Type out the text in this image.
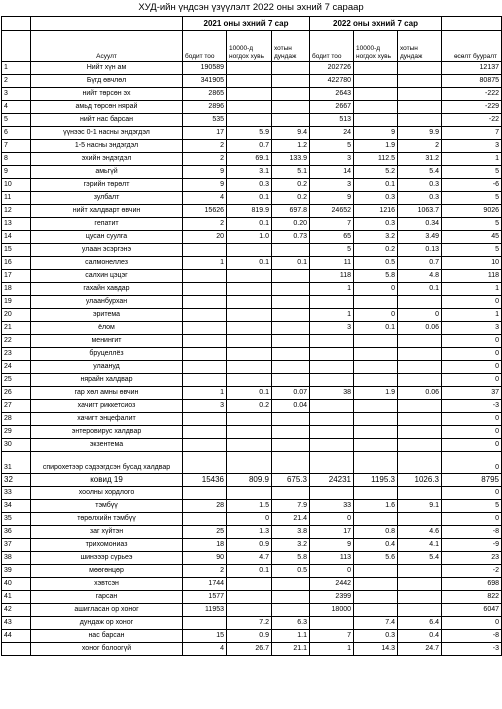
ХУД-ийн үндсэн үзүүлэлт 2022 оны эхний 7 сараар
		2021 оны эхний 7 сар			2022 оны эхний 7 сар			
	Асуулт	бодит тоо	10000-д ногдох хувь	хотын дундаж	бодит тоо	10000-д ногдох хувь	хотын дундаж	өсөлт бууралт
1	Нийт хүн ам	190589			202726			12137
2	Бүгд өвчлөл	341905			422780			80875
3	нийт төрсөн эх	2865			2643			-222
4	амьд төрсөн нярай	2896			2667			-229
5	нийт нас барсан	535			513			-22
6	үүнээс 0-1 насны эндэгдэл	17	5.9	9.4	24	9	9.9	7
7	1-5 насны эндэгдэл	2	0.7	1.2	5	1.9	2	3
8	эхийн эндэгдэл	2	69.1	133.9	3	112.5	31.2	1
9	амьгүй	9	3.1	5.1	14	5.2	5.4	5
10	гэрийн төрөлт	9	0.3	0.2	3	0.1	0.3	-6
11	зулбалт	4	0.1	0.2	9	0.3	0.3	5
12	нийт халдварт өвчин	15626	819.9	697.8	24652	1216	1063.7	9026
13	гепатит	2	0.1	0.20	7	0.3	0.34	5
14	цусан суулга	20	1.0	0.73	65	3.2	3.49	45
15	улаан эсэргэнэ				5	0.2	0.13	5
16	салмонеллез	1	0.1	0.1	11	0.5	0.7	10
17	салхин цэцэг				118	5.8	4.8	118
18	гахайн хавдар				1	0	0.1	1
19	улаанбурхан							0
20	эритема				1	0	0	1
21	ёлом				3	0.1	0.06	3
22	менингит							0
23	бруцеллёз							0
24	улаануд							0
25	нярайн халдвар							0
26	гар хөл амны өвчин	1	0.1	0.07	38	1.9	0.06	37
27	хачигт риккетсиоз	3	0.2	0.04				-3
28	хачигт энцефалит							0
29	энтеровирус халдвар							0
30	экзентема							0
31	спирохетээр сэдээгдсэн бусад халдвар							0
32	ковид 19	15436	809.9	675.3	24231	1195.3	1026.3	8795
33	хоолны хордлого							0
34	тэмбүү	28	1.5	7.9	33	1.6	9.1	5
35	төрөлхийн тэмбүү		0	21.4	0			0
36	заг хүйтэн	25	1.3	3.8	17	0.8	4.6	-8
37	трихомониаз	18	0.9	3.2	9	0.4	4.1	-9
38	шинэээр сүрьеэ	90	4.7	5.8	113	5.6	5.4	23
39	мөөгөнцөр	2	0.1	0.5	0			-2
40	хэвтсэн	1744			2442			698
41	гарсан	1577			2399			822
42	ашигласан ор хоног	11953			18000			6047
43	дундаж ор хоног		7.2	6.3		7.4	6.4	0
44	нас барсан	15	0.9	1.1	7	0.3	0.4	-8
	хоног болоогүй	4	26.7	21.1	1	14.3	24.7	-3
